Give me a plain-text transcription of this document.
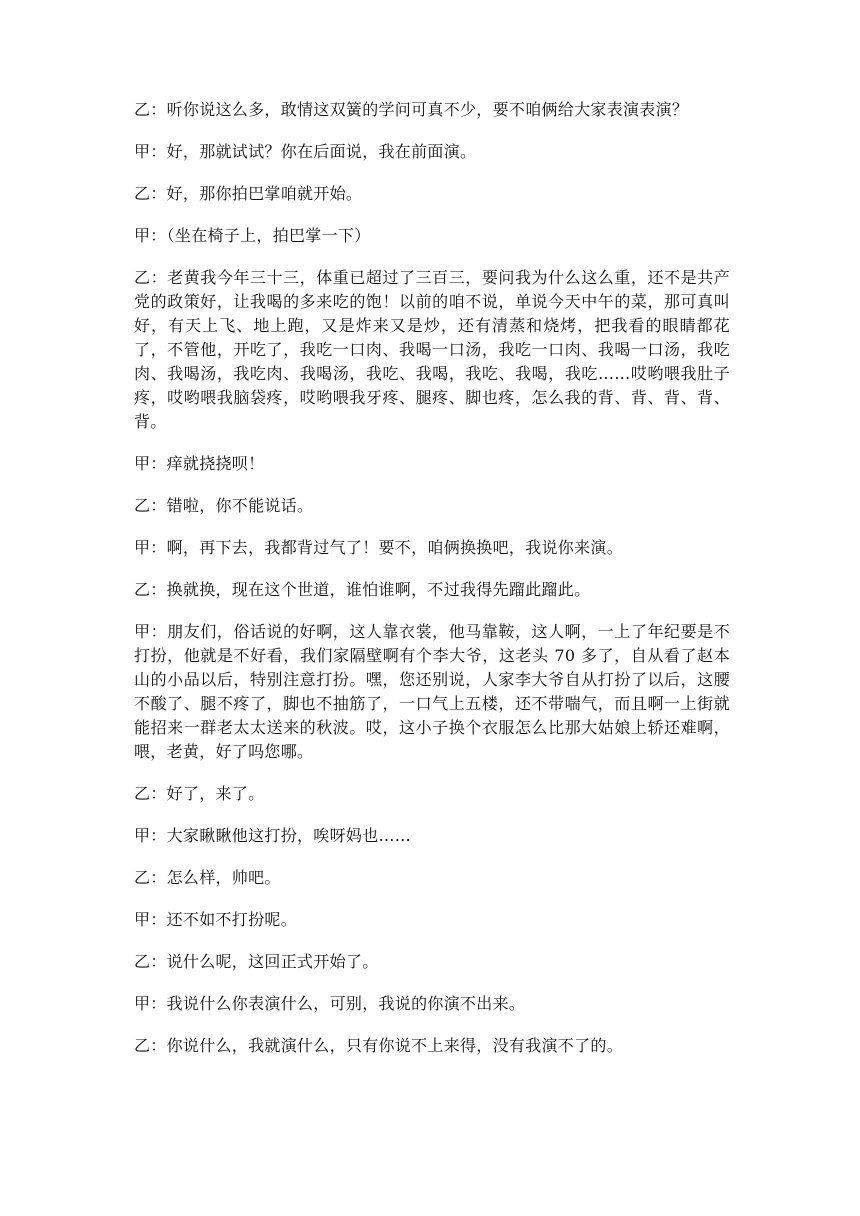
乙：听你说这么多，敢情这双簧的学问可真不少，要不咱俩给大家表演表演？

甲：好，那就试试？你在后面说，我在前面演。

乙：好，那你拍巴掌咱就开始。

甲：（坐在椅子上，拍巴掌一下）

乙：老黄我今年三十三，体重已超过了三百三，要问我为什么这么重，还不是共产党的政策好，让我喝的多来吃的饱！以前的咱不说，单说今天中午的菜，那可真叫好，有天上飞、地上跑，又是炸来又是炒，还有清蒸和烧烤，把我看的眼睛都花了，不管他，开吃了，我吃一口肉、我喝一口汤，我吃一口肉、我喝一口汤，我吃肉、我喝汤，我吃肉、我喝汤，我吃、我喝，我吃、我喝，我吃……哎哟喂我肚子疼，哎哟喂我脑袋疼，哎哟喂我牙疼、腿疼、脚也疼，怎么我的背、背、背、背、背。

甲：痒就挠挠呗！

乙：错啦，你不能说话。

甲：啊，再下去，我都背过气了！要不，咱俩换换吧，我说你来演。

乙：换就换，现在这个世道，谁怕谁啊，不过我得先蹓此蹓此。

甲：朋友们，俗话说的好啊，这人靠衣裳，他马靠鞍，这人啊，一上了年纪要是不打扮，他就是不好看，我们家隔壁啊有个李大爷，这老头 70 多了，自从看了赵本山的小品以后，特别注意打扮。嘿，您还别说，人家李大爷自从打扮了以后，这腰不酸了、腿不疼了，脚也不抽筋了，一口气上五楼，还不带喘气，而且啊一上街就能招来一群老太太送来的秋波。哎，这小子换个衣服怎么比那大姑娘上轿还难啊，喂，老黄，好了吗您哪。

乙：好了，来了。

甲：大家瞅瞅他这打扮，唉呀妈也……

乙：怎么样，帅吧。

甲：还不如不打扮呢。

乙：说什么呢，这回正式开始了。

甲：我说什么你表演什么，可别，我说的你演不出来。

乙：你说什么，我就演什么，只有你说不上来得，没有我演不了的。
